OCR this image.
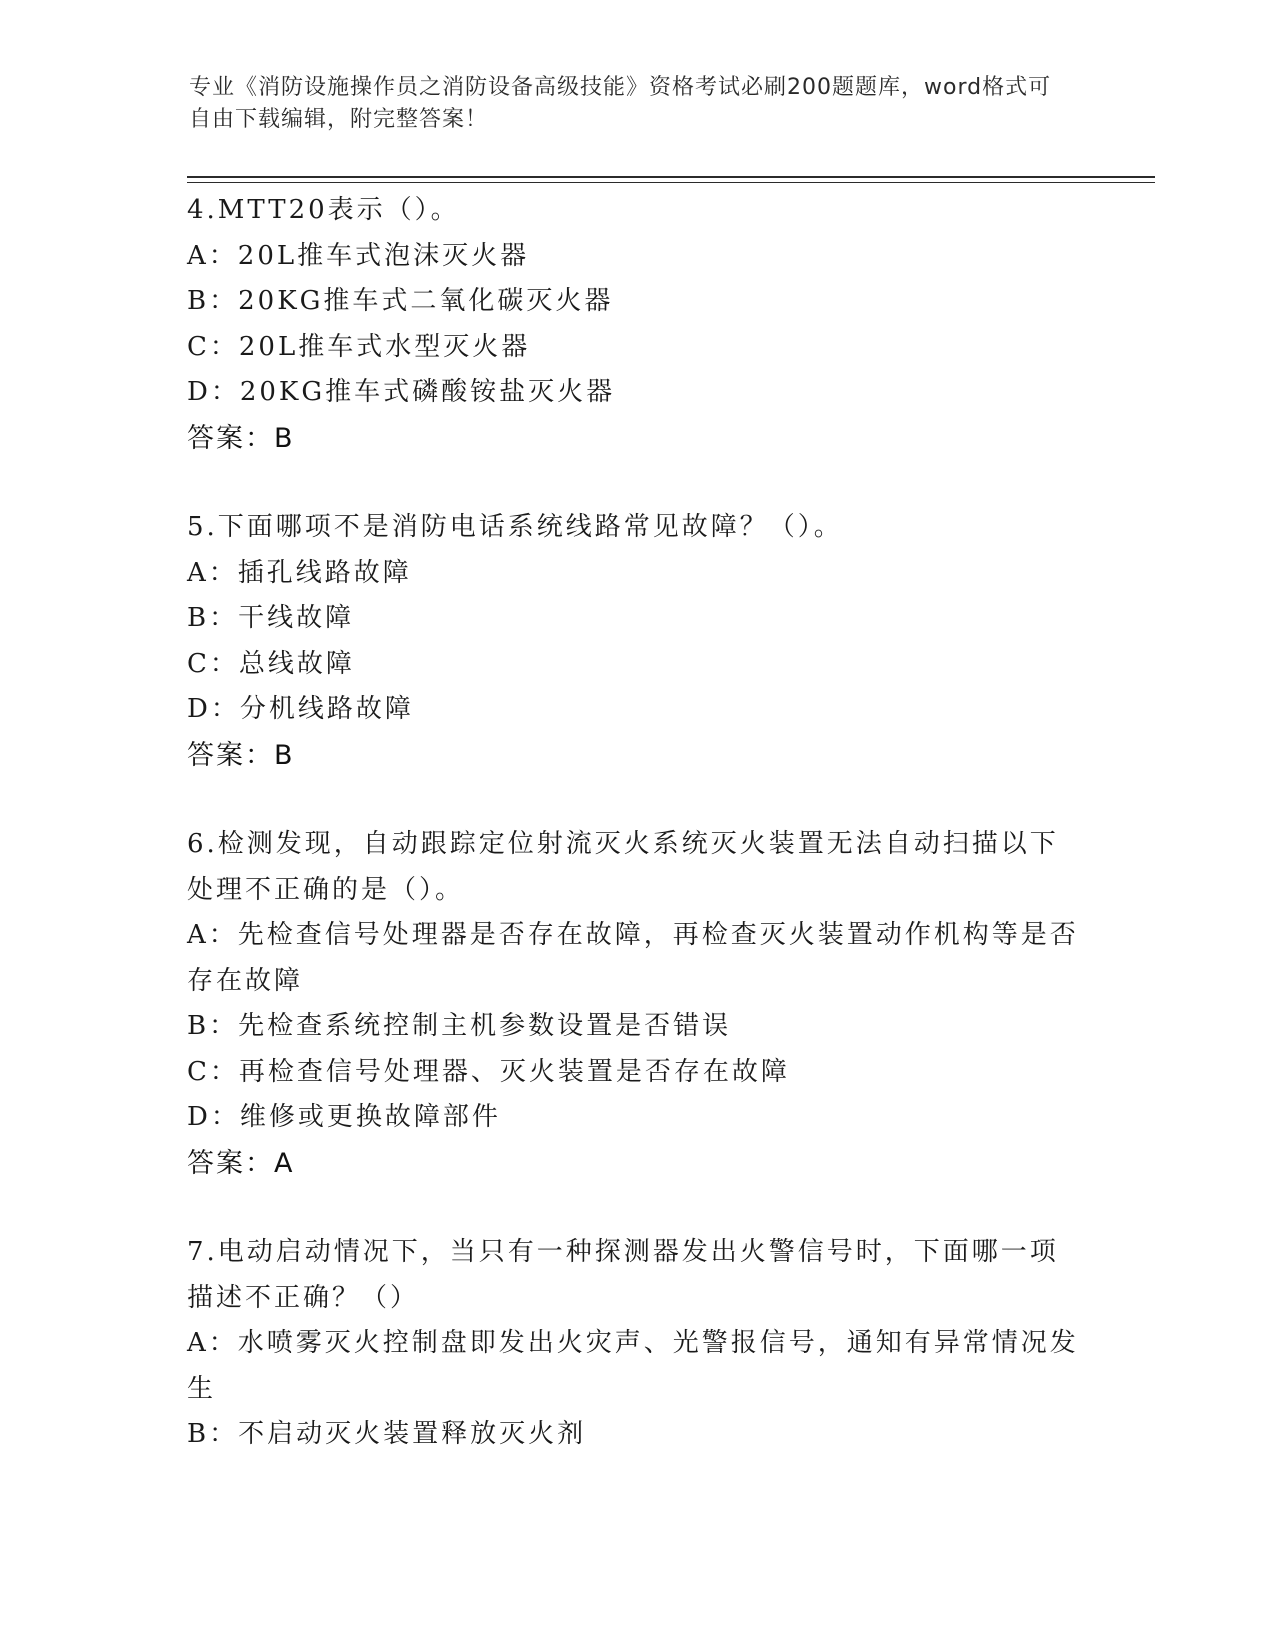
专业《消防设施操作员之消防设备高级技能》资格考试必刷200题题库，word格式可自由下载编辑，附完整答案！
4.MTT20表示（）。
A：20L推车式泡沫灭火器
B：20KG推车式二氧化碳灭火器
C：20L推车式水型灭火器
D：20KG推车式磷酸铵盐灭火器
答案：B
5.下面哪项不是消防电话系统线路常见故障？（）。
A：插孔线路故障
B：干线故障
C：总线故障
D：分机线路故障
答案：B
6.检测发现，自动跟踪定位射流灭火系统灭火装置无法自动扫描以下处理不正确的是（）。
A：先检查信号处理器是否存在故障，再检查灭火装置动作机构等是否存在故障
B：先检查系统控制主机参数设置是否错误
C：再检查信号处理器、灭火装置是否存在故障
D：维修或更换故障部件
答案：A
7.电动启动情况下，当只有一种探测器发出火警信号时，下面哪一项描述不正确？（）
A：水喷雾灭火控制盘即发出火灾声、光警报信号，通知有异常情况发生
B：不启动灭火装置释放灭火剂
